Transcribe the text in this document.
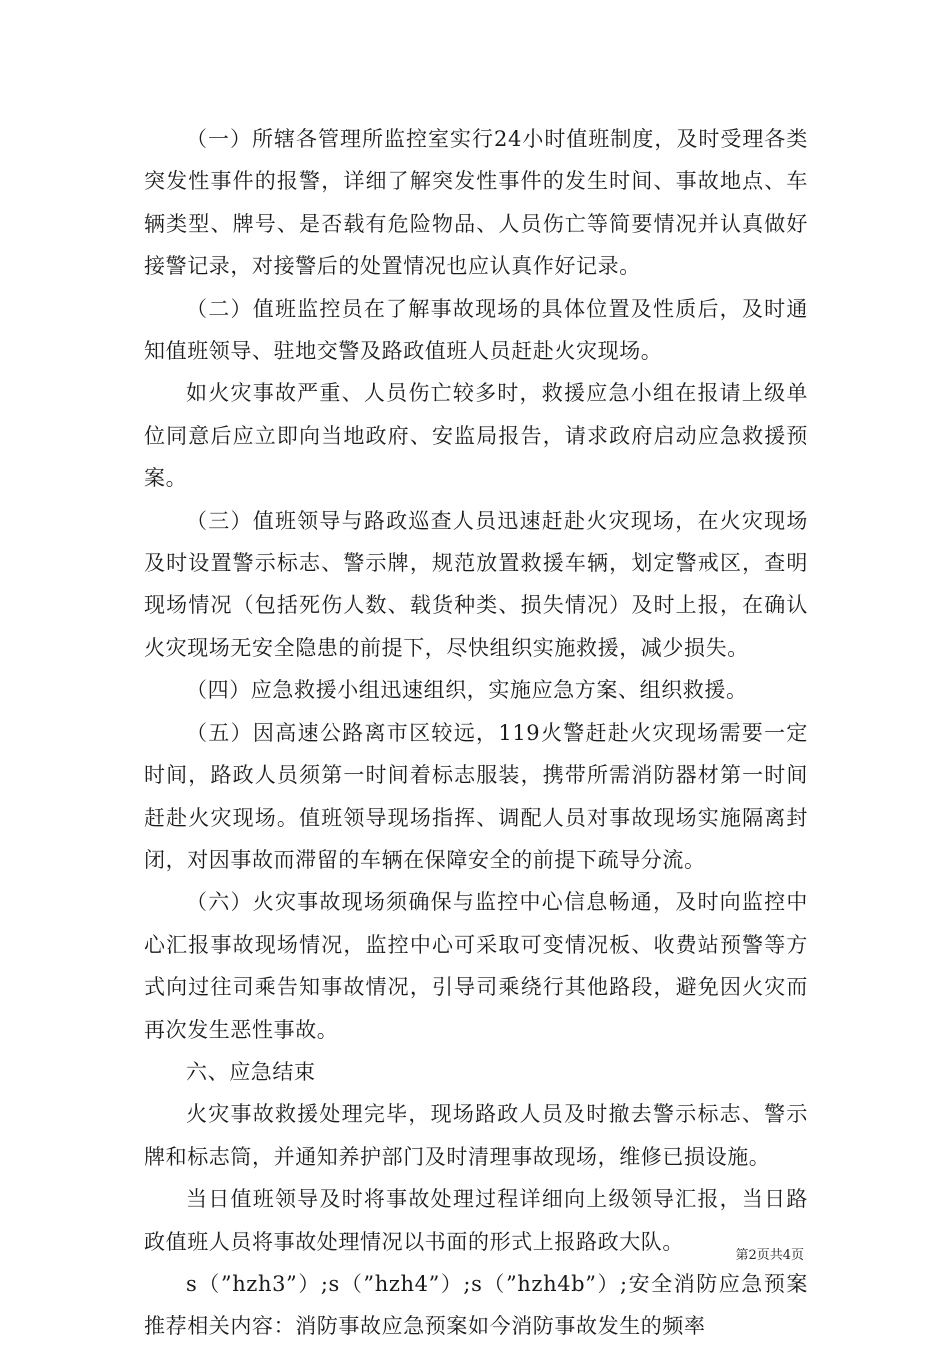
（一）所辖各管理所监控室实行24小时值班制度，及时受理各类突发性事件的报警，详细了解突发性事件的发生时间、事故地点、车辆类型、牌号、是否载有危险物品、人员伤亡等简要情况并认真做好接警记录，对接警后的处置情况也应认真作好记录。

（二）值班监控员在了解事故现场的具体位置及性质后，及时通知值班领导、驻地交警及路政值班人员赶赴火灾现场。

如火灾事故严重、人员伤亡较多时，救援应急小组在报请上级单位同意后应立即向当地政府、安监局报告，请求政府启动应急救援预案。

（三）值班领导与路政巡查人员迅速赶赴火灾现场，在火灾现场及时设置警示标志、警示牌，规范放置救援车辆，划定警戒区，查明现场情况（包括死伤人数、载货种类、损失情况）及时上报，在确认火灾现场无安全隐患的前提下，尽快组织实施救援，减少损失。

（四）应急救援小组迅速组织，实施应急方案、组织救援。

（五）因高速公路离市区较远，119火警赶赴火灾现场需要一定时间，路政人员须第一时间着标志服装，携带所需消防器材第一时间赶赴火灾现场。值班领导现场指挥、调配人员对事故现场实施隔离封闭，对因事故而滞留的车辆在保障安全的前提下疏导分流。

（六）火灾事故现场须确保与监控中心信息畅通，及时向监控中心汇报事故现场情况，监控中心可采取可变情况板、收费站预警等方式向过往司乘告知事故情况，引导司乘绕行其他路段，避免因火灾而再次发生恶性事故。

六、应急结束

火灾事故救援处理完毕，现场路政人员及时撤去警示标志、警示牌和标志筒，并通知养护部门及时清理事故现场，维修已损设施。

当日值班领导及时将事故处理过程详细向上级领导汇报，当日路政值班人员将事故处理情况以书面的形式上报路政大队。

s（”hzh3”）;s（”hzh4”）;s（”hzh4b”）;安全消防应急预案推荐相关内容：消防事故应急预案如今消防事故发生的频率

第2页共4页
